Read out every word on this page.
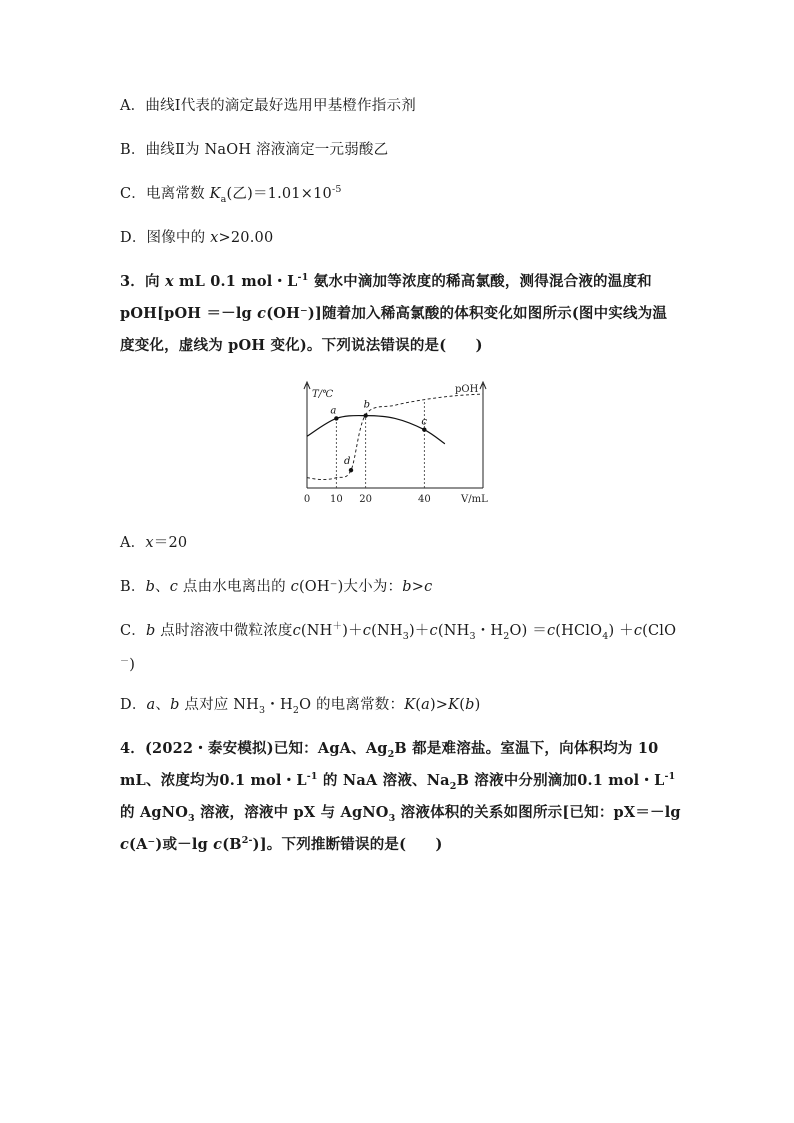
A．曲线Ⅰ代表的滴定最好选用甲基橙作指示剂
B．曲线Ⅱ为 NaOH 溶液滴定一元弱酸乙
C．电离常数 $K_a$(乙)$=1.01\times 10^{-5}$
D．图像中的 x>20.00
3．向 x mL 0.1 mol・$L^{-1}$ 氨水中滴加等浓度的稀高氯酸，测得混合液的温度和
pOH[pOH ＝－lg c(OH⁻)]随着加入稀高氯酸的体积变化如图所示(图中实线为温
度变化，虚线为 pOH 变化)。下列说法错误的是(　　)
T/℃	pOH
V/mL
0 10 20	40
a
b
c
d
A．x＝20
B．b、c 点由水电离出的 c(OH⁻)大小为：b>c
C．b 点时溶液中微粒浓度$c(NH^+)+c(NH_3)+c(NH_3$・$H_2O$) ＝c(HClO$_4$) ＋c(ClO
－)
D．a、b 点对应 $NH_3$・$H_2O$ 的电离常数：K(a)>K(b)
4．(2022・泰安模拟)已知：AgA、$Ag_2B$ 都是难溶盐。室温下，向体积均为 10
mL、浓度均为0.1 mol・$L^{-1}$ 的 NaA 溶液、$Na_2B$ 溶液中分别滴加0.1 mol・$L^{-1}$
的 AgNO$_3$ 溶液，溶液中 pX 与 AgNO$_3$ 溶液体积的关系如图所示[已知：pX＝－lg
c(A⁻)或－lg $c(B^{2-})$]。下列推断错误的是(　　)
